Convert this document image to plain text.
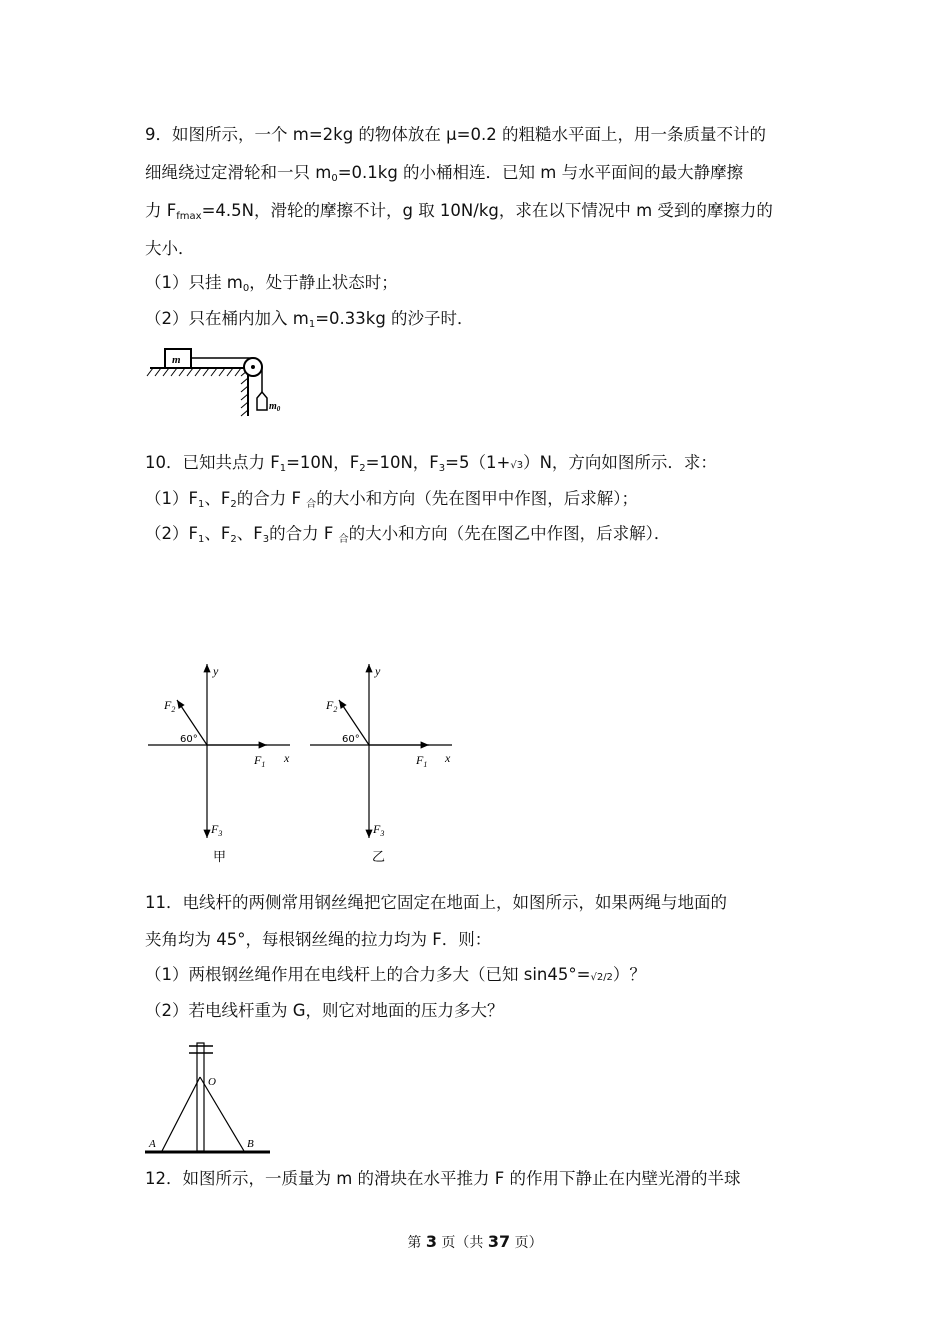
9．如图所示，一个 m=2kg 的物体放在 μ=0.2 的粗糙水平面上，用一条质量不计的
细绳绕过定滑轮和一只 $m_0=0.1kg$ 的小桶相连．已知 m 与水平面间的最大静摩擦
力 $F_{fmax}=4.5N$，滑轮的摩擦不计，g 取 10N/kg，求在以下情况中 m 受到的摩擦力的
大小．
（1）只挂 $m_0$，处于静止状态时；
（2）只在桶内加入 $m_1=0.33kg$ 的沙子时．
m
$m_0$
10．已知共点力 $F_1=10N$，$F_2=10N$，$F_3=5(1+√3)N$，方向如图所示．求：
$(1)F_1$、$F_2$的合力 F $_合$的大小和方向（先在图甲中作图，后求解）；
$(2)F_1$、$F_2$、$F_3$的合力 F $_合$的大小和方向（先在图乙中作图，后求解）．
y
x
$F_1$
$F_2$
$F_3$
60°
甲
y
x
$F_1$
$F_2$
$F_3$
60°
乙
11．电线杆的两侧常用钢丝绳把它固定在地面上，如图所示，如果两绳与地面的
夹角均为 45°，每根钢丝绳的拉力均为 F．则：
（1）两根钢丝绳作用在电线杆上的合力多大（已知 sin45°=√2/2）？
（2）若电线杆重为 G，则它对地面的压力多大？
O
A	B
12．如图所示，一质量为 m 的滑块在水平推力 F 的作用下静止在内壁光滑的半球
第 3 页（共 37 页）
